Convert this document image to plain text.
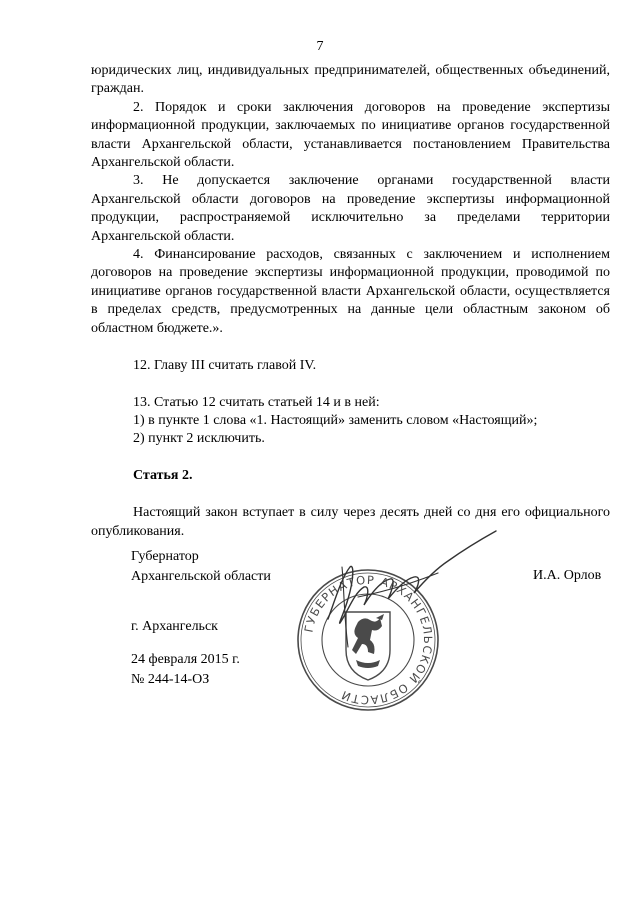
7

юридических лиц, индивидуальных предпринимателей, общественных объединений, граждан.

2. Порядок и сроки заключения договоров на проведение экспертизы информационной продукции, заключаемых по инициативе органов государственной власти Архангельской области, устанавливается постановлением Правительства Архангельской области.

3. Не допускается заключение органами государственной власти Архангельской области договоров на проведение экспертизы информационной продукции, распространяемой исключительно за пределами территории Архангельской области.

4. Финансирование расходов, связанных с заключением и исполнением договоров на проведение экспертизы информационной продукции, проводимой по инициативе органов государственной власти Архангельской области, осуществляется в пределах средств, предусмотренных на данные цели областным законом об областном бюджете.».

12. Главу III считать главой IV.

13. Статью 12 считать статьей 14 и в ней:

1) в пункте 1 слова «1. Настоящий» заменить словом «Настоящий»;

2) пункт 2 исключить.

Статья 2.

Настоящий закон вступает в силу через десять дней со дня его официального опубликования.

Губернатор
Архангельской области	И.А. Орлов
ГУБЕРНАТОР АРХАНГЕЛЬСКОЙ ОБЛАСТИ
г. Архангельск
24 февраля 2015 г.
№ 244-14-ОЗ
